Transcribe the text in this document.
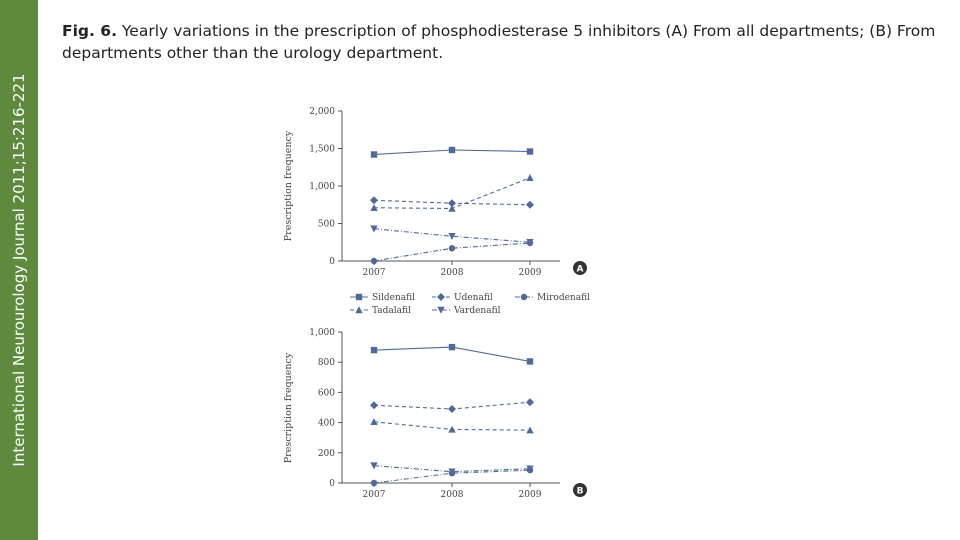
International Neurourology Journal 2011;15:216-221
Fig. 6. Yearly variations in the prescription of phosphodiesterase 5 inhibitors (A) From all departments; (B) From departments other than the urology department.
0
500
1,000
1,500
2,000
2007	2008	2009
Prescription frequency
A
0
200
400
600
800
1,000
2007	2008	2009
Prescription frequency
B
Sildenafil	Udenafil	Mirodenafil
Tadalafil	Vardenafil
